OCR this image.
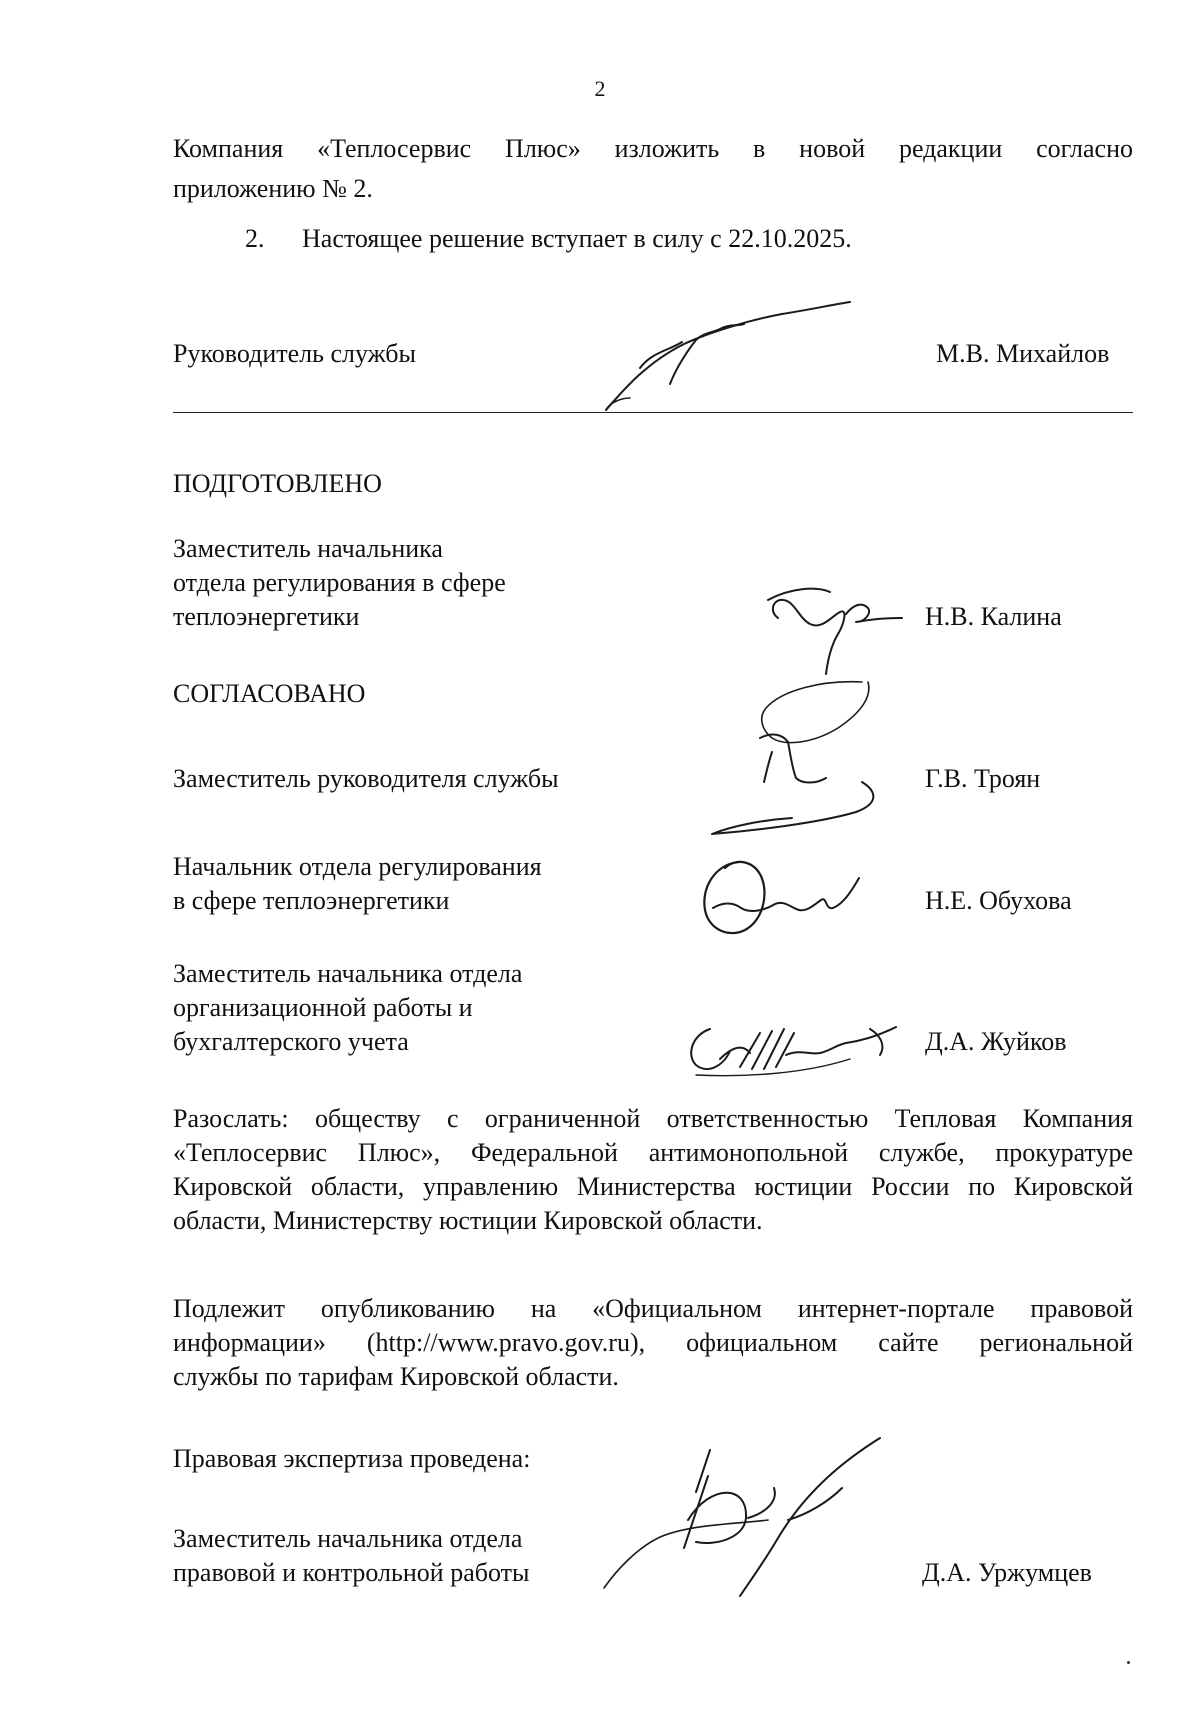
2
Компания «Теплосервис Плюс» изложить в новой редакции согласно
приложению № 2.
2. Настоящее решение вступает в силу с 22.10.2025.
Руководитель службы	М.В. Михайлов
ПОДГОТОВЛЕНО
Заместитель начальника
отдела регулирования в сфере
теплоэнергетики	Н.В. Калина
СОГЛАСОВАНО
Заместитель руководителя службы	Г.В. Троян
Начальник отдела регулирования
в сфере теплоэнергетики	Н.Е. Обухова
Заместитель начальника отдела
организационной работы и
бухгалтерского учета	Д.А. Жуйков
Разослать: обществу с ограниченной ответственностью Тепловая Компания
«Теплосервис Плюс», Федеральной антимонопольной службе, прокуратуре
Кировской области, управлению Министерства юстиции России по Кировской
области, Министерству юстиции Кировской области.
Подлежит опубликованию на «Официальном интернет-портале правовой
информации» (http://www.pravo.gov.ru), официальном сайте региональной
службы по тарифам Кировской области.
Правовая экспертиза проведена:
Заместитель начальника отдела
правовой и контрольной работы	Д.А. Уржумцев
